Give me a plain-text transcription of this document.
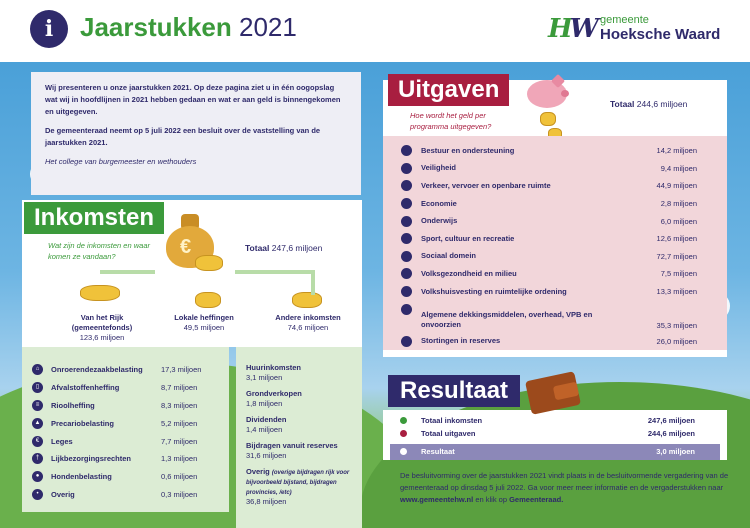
i	Jaarstukken 2021	HW gemeente
Hoeksche Waard

Wij presenteren u onze jaarstukken 2021. Op deze pagina ziet u in één oogopslag wat wij in hoofdlijnen in 2021 hebben gedaan en wat er aan geld is binnengekomen en uitgegeven.

De gemeenteraad neemt op 5 juli 2022 een besluit over de vaststelling van de jaarstukken 2021.

Het college van burgemeester en wethouders

Inkomsten
Wat zijn de inkomsten en waar komen ze vandaan?
Totaal 247,6 miljoen
€
Van het Rijk (gemeentefonds)
123,6 miljoen
Lokale heffingen
49,5 miljoen
Andere inkomsten
74,6 miljoen
⌂	Onroerendezaakbelasting	17,3 miljoen
▯	Afvalstoffenheffing	8,7 miljoen
≡	Rioolheffing	8,3 miljoen
▲	Precariobelasting	5,2 miljoen
€	Leges	7,7 miljoen
†	Lijkbezorgingsrechten	1,3 miljoen
●	Hondenbelasting	0,6 miljoen
•	Overig	0,3 miljoen
Huurinkomsten
3,1 miljoen
Grondverkopen
1,8 miljoen
Dividenden
1,4 miljoen
Bijdragen vanuit reserves
31,6 miljoen
Overig (overige bijdragen rijk voor bijvoorbeeld bijstand, bijdragen provincies, /etc)
36,8 miljoen
Uitgaven
Hoe wordt het geld per programma uitgegeven?
Totaal 244,6 miljoen
Bestuur en ondersteuning	14,2 miljoen
Veiligheid	9,4 miljoen
Verkeer, vervoer en openbare ruimte	44,9 miljoen
Economie	2,8 miljoen
Onderwijs	6,0 miljoen
Sport, cultuur en recreatie	12,6 miljoen
Sociaal domein	72,7 miljoen
Volksgezondheid en milieu	7,5 miljoen
Volkshuisvesting en ruimtelijke ordening	13,3 miljoen
Algemene dekkingsmiddelen, overhead, VPB en onvoorzien	35,3 miljoen
Stortingen in reserves	26,0 miljoen
Resultaat
Totaal inkomsten	247,6 miljoen
Totaal uitgaven	244,6 miljoen
Resultaat	3,0 miljoen
De besluitvorming over de jaarstukken 2021 vindt plaats in de besluitvormende vergadering van de gemeenteraad op dinsdag 5 juli 2022. Ga voor meer meer informatie en de vergaderstukken naar www.gemeentehw.nl en klik op Gemeenteraad.
